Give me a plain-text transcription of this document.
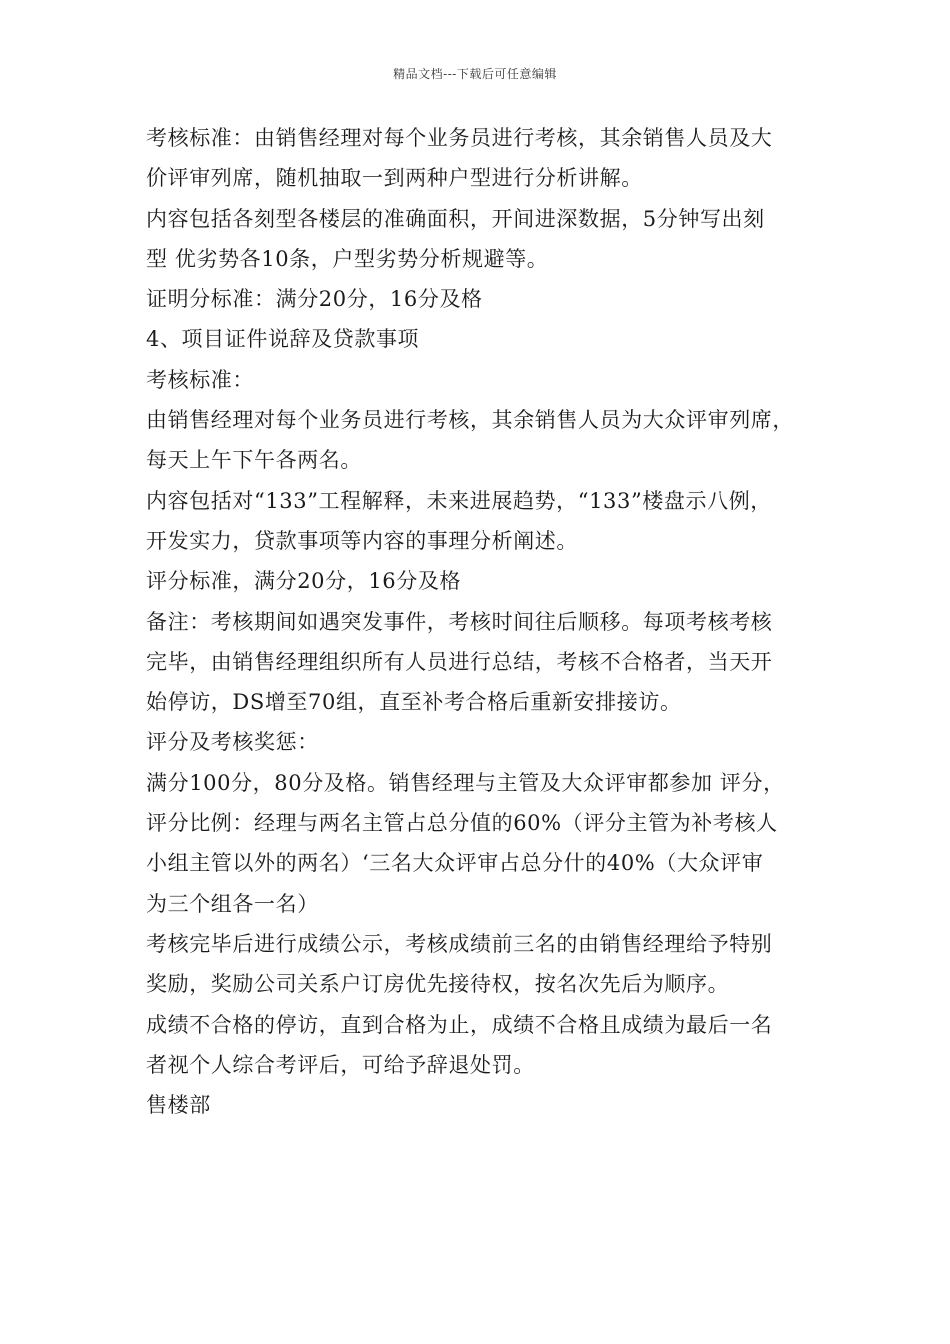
精品文档---下载后可任意编辑
考核标准：由销售经理对每个业务员进行考核，其余销售人员及大
价评审列席，随机抽取一到两种户型进行分析讲解。
内容包括各刻型各楼层的准确面积，开间进深数据，5分钟写出刻
型 优劣势各10条，户型劣势分析规避等。
证明分标准：满分20分，16分及格
4、项目证件说辞及贷款事项
考核标准：
由销售经理对每个业务员进行考核，其余销售人员为大众评审列席，
每天上午下午各两名。
内容包括对“133”工程解释，未来进展趋势，“133”楼盘示八例，
开发实力，贷款事项等内容的事理分析阐述。
评分标准，满分20分，16分及格
备注：考核期间如遇突发事件，考核时间往后顺移。每项考核考核
完毕，由销售经理组织所有人员进行总结，考核不合格者，当天开
始停访，DS增至70组，直至补考合格后重新安排接访。
评分及考核奖惩：
满分100分，80分及格。销售经理与主管及大众评审都参加 评分，
评分比例：经理与两名主管占总分值的60%（评分主管为补考核人
小组主管以外的两名）‘三名大众评审占总分什的40%（大众评审
为三个组各一名）
考核完毕后进行成绩公示，考核成绩前三名的由销售经理给予特别
奖励，奖励公司关系户订房优先接待权，按名次先后为顺序。
成绩不合格的停访，直到合格为止，成绩不合格且成绩为最后一名
者视个人综合考评后，可给予辞退处罚。
售楼部
